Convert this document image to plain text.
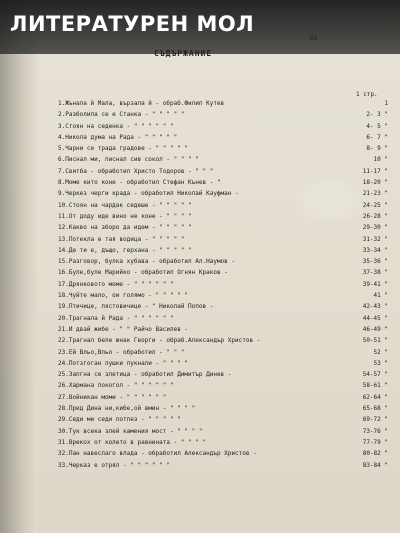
ЛИТЕРАТУРЕН МОЛ
- 88 -
СЪДЪРЖАНИЕ
1 стр.
1.Жънала й Мала, вързала й - обраб.Филип Кутев	1
2.Разболила се е Станка - " " " " "	2- 3 "
3.Стоян на седенка - " " " " " "	4- 5 "
4.Никола дума на Рада - " " " " "	6- 7 "
5.Чарни се трада градове - " " " " "	8- 9 "
6.Писнал ми, писнал сив сокол - " " " "	10 "
7.Свитба - обработил Христо Тодоров - " " "	11-17 "
8.Моме кито коне - обработил Стефан Кънев - "	18-20 "
9.Черкез черги крада - обработил Николай Кауфман -	21-23 "
10.Стоян на чардак седеше - " " " " "	24-25 "
11.От доду иде вино не коне - " " " "	26-28 "
12.Какво на зборо да идем - " " " " "	29-30 "
13.Потекла е тая водица - " " " " "	31-32 "
14.Де ти е, дъщо, герхана - " " " " "	33-34 "
15.Разговор, булка хубава - обработил Ал.Наумов -	35-36 "
16.Буле,буле Марийко - обработил Огнян Краков -	37-38 "
17.Дрянковото моме - " " " " " "	39-41 "
18.Чуйте мало, ои голямо - " " " " "	41 "
19.Птичице, лястовичице - " Николай Попов -	42-43 "
20.Трагнала й Рада - " " " " " "	44-45 "
21.И двай жибе - " " Райчо Василев -	46-49 "
22.Трагнал беле юнак Георги - обраб.Александър Христов -	50-51 "
23.Ей Вльо,Вльо - обработил - " " "	52 "
24.Потзгоган пушки пукнали - " " " "	53 "
25.Запгна се злетица - обработил Димитър Динев -	54-57 "
26.Хармана покогол - " " " " " "	58-61 "
27.Войникан моми - " " " " " "	62-64 "
28.Пред Дина ни,кибе,ой вмин - " " " "	65-68 "
29.Седи ми седи потпез - " " " " "	69-72 "
30.Тук всека злей камения мост - " " " "	73-76 "
31.Врекох от колето в равнината - " " " "	77-79 "
32.Пан навеслаго влада - обработил Александър Христов -	80-82 "
33.Черказ е отрял - " " " " " "	83-84 "
